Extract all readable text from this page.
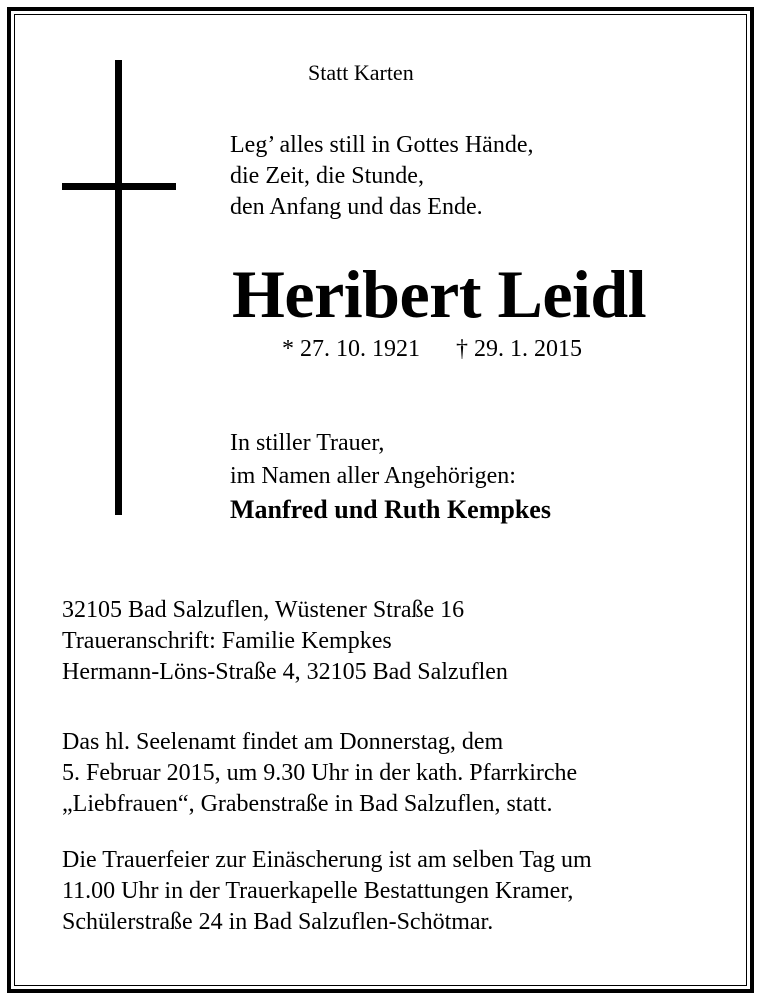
Statt Karten
Leg’ alles still in Gottes Hände,
die Zeit, die Stunde,
den Anfang und das Ende.
Heribert Leidl
* 27. 10. 1921 † 29. 1. 2015
In stiller Trauer,
im Namen aller Angehörigen:
Manfred und Ruth Kempkes
32105 Bad Salzuflen, Wüstener Straße 16
Traueranschrift: Familie Kempkes
Hermann-Löns-Straße 4, 32105 Bad Salzuflen
Das hl. Seelenamt findet am Donnerstag, dem
5. Februar 2015, um 9.30 Uhr in der kath. Pfarrkirche
„Liebfrauen“, Grabenstraße in Bad Salzuflen, statt.
Die Trauerfeier zur Einäscherung ist am selben Tag um
11.00 Uhr in der Trauerkapelle Bestattungen Kramer,
Schülerstraße 24 in Bad Salzuflen-Schötmar.
